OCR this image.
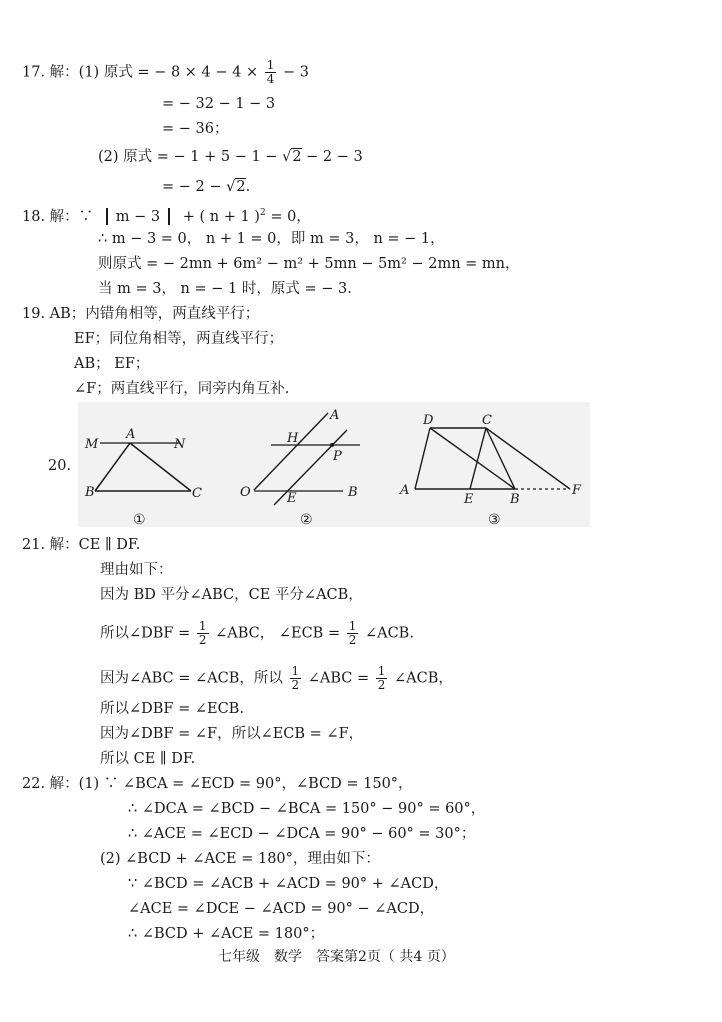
17. 解：(1) 原式 = − $8 \times 4 - 4 \times \frac{1}{4} - 3$
= − 32 − 1 − 3
= − 36；
(2) 原式 = − 1 + 5 − 1 − √2 − 2 − 3
= − 2 − √2.
18. 解：∵ m − 3 + ( n + 1 )$^2$ = 0，
∴ m − 3 = 0， n + 1 = 0，即 m = 3， n = − 1，
则原式 = − 2mn + 6m² − m² + 5mn − 5m² − 2mn = mn，
当 m = 3， n = − 1 时，原式 = − 3.
19. AB；内错角相等，两直线平行；
EF；同位角相等，两直线平行；
AB； EF；
∠F；两直线平行，同旁内角互补.
20.
M
A
N
B	C
①
A
H
P
O	E	B
②
D	C
A
E	B
F
③
21. 解：CE ∥ DF.
理由如下：
因为 BD 平分∠ABC，CE 平分∠ACB，
所以∠DBF = $\frac{1}{2}$ ∠ABC， ∠ECB = $\frac{1}{2}$ ∠ACB.
因为∠ABC = ∠ACB，所以 $\frac{1}{2}$ ∠ABC = $\frac{1}{2}$ ∠ACB，
所以∠DBF = ∠ECB.
因为∠DBF = ∠F，所以∠ECB = ∠F，
所以 CE ∥ DF.
22. 解：(1) ∵ ∠BCA = ∠ECD = 90°，∠BCD = 150°，
∴ ∠DCA = ∠BCD − ∠BCA = 150° − 90° = 60°，
∴ ∠ACE = ∠ECD − ∠DCA = 90° − 60° = 30°；
(2) ∠BCD + ∠ACE = 180°，理由如下：
∵ ∠BCD = ∠ACB + ∠ACD = 90° + ∠ACD，
∠ACE = ∠DCE − ∠ACD = 90° − ∠ACD，
∴ ∠BCD + ∠ACE = 180°；
七年级　数学　答案第2页（ 共4 页）
